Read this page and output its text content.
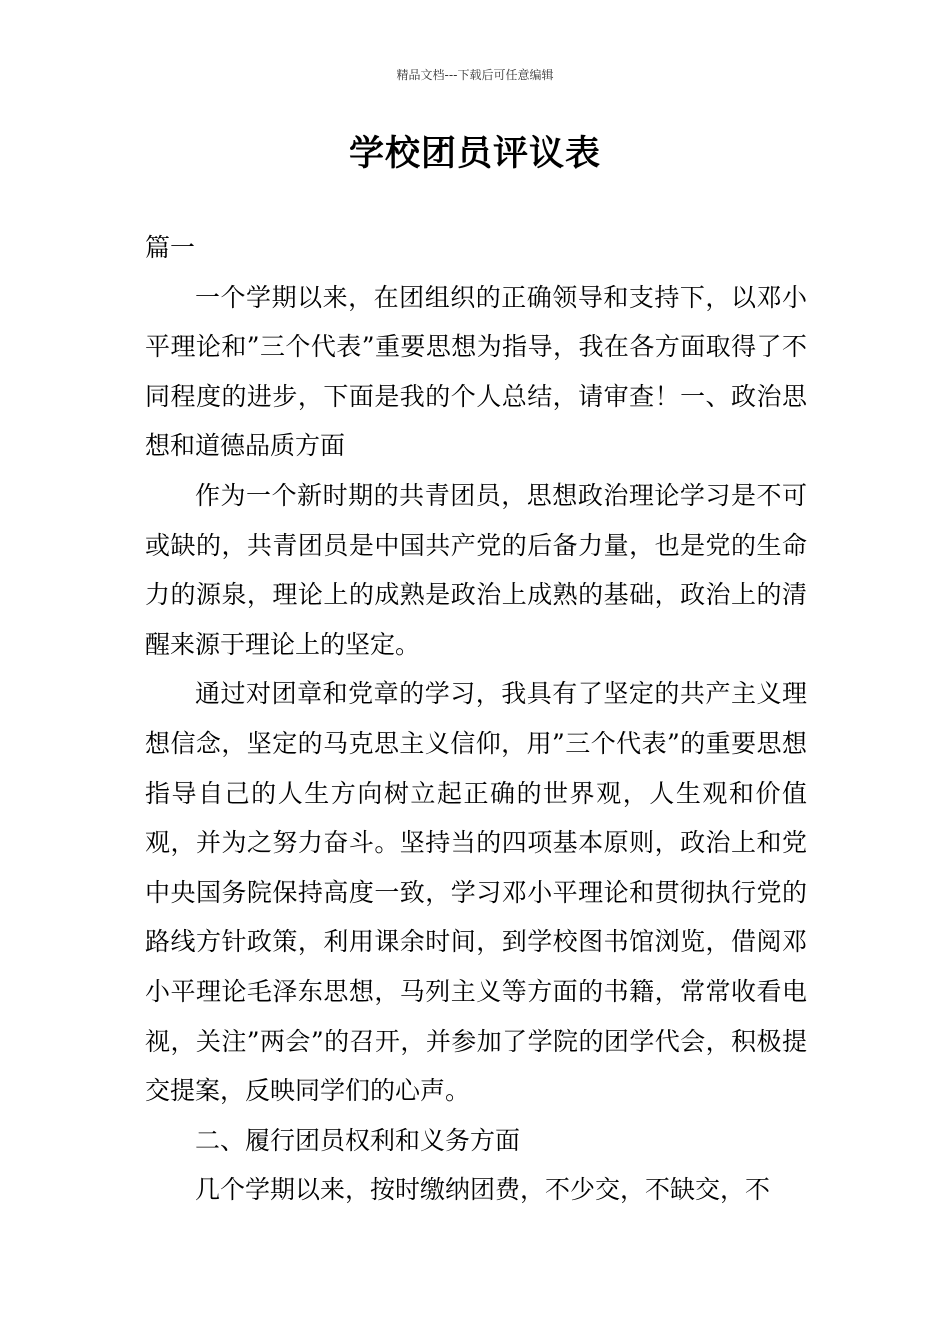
精品文档---下载后可任意编辑
学校团员评议表

篇一

一个学期以来，在团组织的正确领导和支持下，以邓小平理论和”三个代表”重要思想为指导，我在各方面取得了不同程度的进步，下面是我的个人总结，请审查！一、政治思想和道德品质方面

作为一个新时期的共青团员，思想政治理论学习是不可或缺的，共青团员是中国共产党的后备力量，也是党的生命力的源泉，理论上的成熟是政治上成熟的基础，政治上的清醒来源于理论上的坚定。

通过对团章和党章的学习，我具有了坚定的共产主义理想信念，坚定的马克思主义信仰，用”三个代表”的重要思想指导自己的人生方向树立起正确的世界观，人生观和价值观，并为之努力奋斗。坚持当的四项基本原则，政治上和党中央国务院保持高度一致，学习邓小平理论和贯彻执行党的路线方针政策，利用课余时间，到学校图书馆浏览，借阅邓小平理论毛泽东思想，马列主义等方面的书籍，常常收看电视，关注”两会”的召开，并参加了学院的团学代会，积极提交提案，反映同学们的心声。

二、履行团员权利和义务方面

几个学期以来，按时缴纳团费，不少交，不缺交，不
